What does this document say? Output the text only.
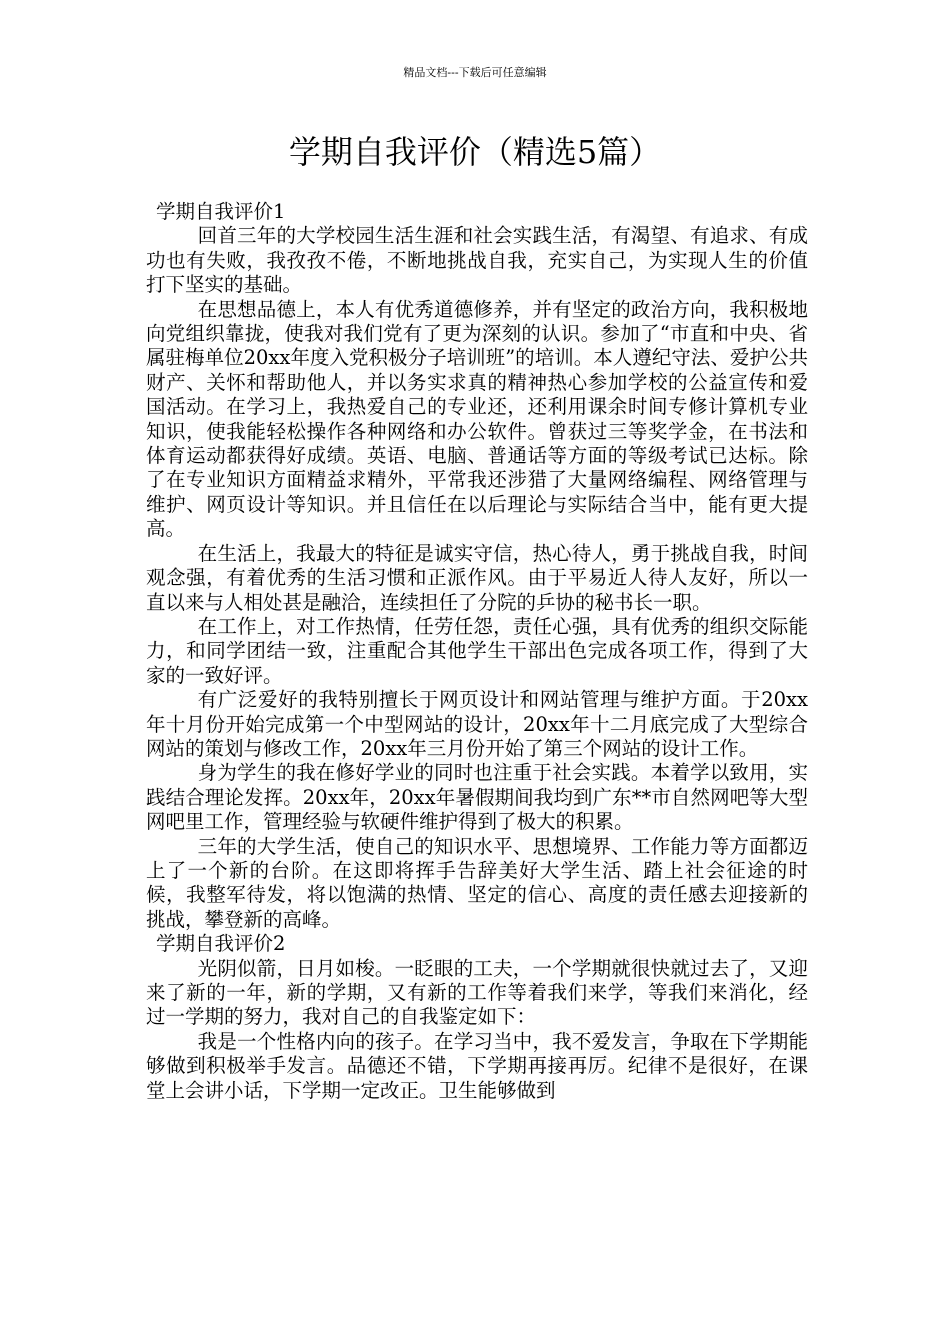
精品文档---下载后可任意编辑
学期自我评价（精选5篇）
学期自我评价1

回首三年的大学校园生活生涯和社会实践生活，有渴望、有追求、有成功也有失败，我孜孜不倦，不断地挑战自我，充实自己，为实现人生的价值打下坚实的基础。

在思想品德上，本人有优秀道德修养，并有坚定的政治方向，我积极地向党组织靠拢，使我对我们党有了更为深刻的认识。参加了“市直和中央、省属驻梅单位20xx年度入党积极分子培训班”的培训。本人遵纪守法、爱护公共财产、关怀和帮助他人，并以务实求真的精神热心参加学校的公益宣传和爱国活动。在学习上，我热爱自己的专业还，还利用课余时间专修计算机专业知识，使我能轻松操作各种网络和办公软件。曾获过三等奖学金，在书法和体育运动都获得好成绩。英语、电脑、普通话等方面的等级考试已达标。除了在专业知识方面精益求精外，平常我还涉猎了大量网络编程、网络管理与维护、网页设计等知识。并且信任在以后理论与实际结合当中，能有更大提高。

在生活上，我最大的特征是诚实守信，热心待人，勇于挑战自我，时间观念强，有着优秀的生活习惯和正派作风。由于平易近人待人友好，所以一直以来与人相处甚是融洽，连续担任了分院的乒协的秘书长一职。

在工作上，对工作热情，任劳任怨，责任心强，具有优秀的组织交际能力，和同学团结一致，注重配合其他学生干部出色完成各项工作，得到了大家的一致好评。

有广泛爱好的我特别擅长于网页设计和网站管理与维护方面。于20xx年十月份开始完成第一个中型网站的设计，20xx年十二月底完成了大型综合网站的策划与修改工作，20xx年三月份开始了第三个网站的设计工作。

身为学生的我在修好学业的同时也注重于社会实践。本着学以致用，实践结合理论发挥。20xx年，20xx年暑假期间我均到广东**市自然网吧等大型网吧里工作，管理经验与软硬件维护得到了极大的积累。

三年的大学生活，使自己的知识水平、思想境界、工作能力等方面都迈上了一个新的台阶。在这即将挥手告辞美好大学生活、踏上社会征途的时候，我整军待发，将以饱满的热情、坚定的信心、高度的责任感去迎接新的挑战，攀登新的高峰。

学期自我评价2

光阴似箭，日月如梭。一眨眼的工夫，一个学期就很快就过去了，又迎来了新的一年，新的学期，又有新的工作等着我们来学，等我们来消化，经过一学期的努力，我对自己的自我鉴定如下：

我是一个性格内向的孩子。在学习当中，我不爱发言，争取在下学期能够做到积极举手发言。品德还不错，下学期再接再厉。纪律不是很好，在课堂上会讲小话，下学期一定改正。卫生能够做到
